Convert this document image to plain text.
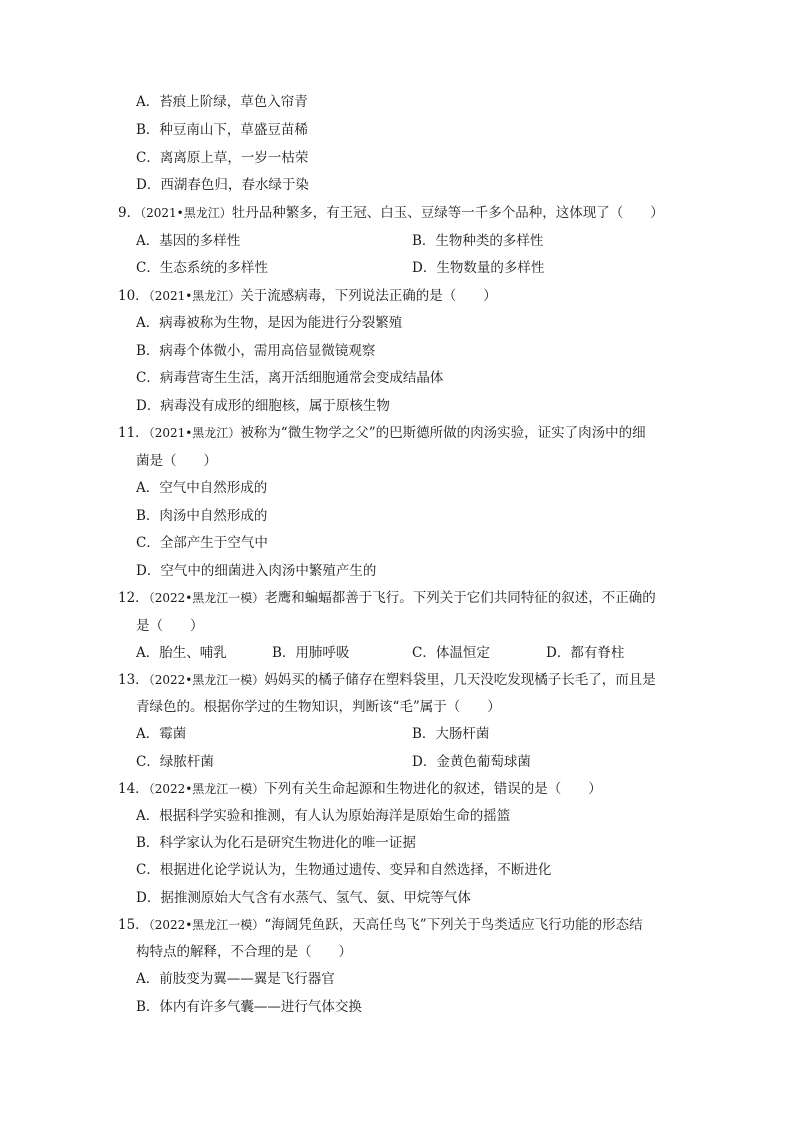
A．苔痕上阶绿，草色入帘青
B．种豆南山下，草盛豆苗稀
C．离离原上草，一岁一枯荣
D．西湖春色归，春水绿于染
9．（2021•黑龙江）牡丹品种繁多，有王冠、白玉、豆绿等一千多个品种，这体现了（　　）
A．基因的多样性	B．生物种类的多样性
C．生态系统的多样性	D．生物数量的多样性
10．（2021•黑龙江）关于流感病毒，下列说法正确的是（　　）
A．病毒被称为生物，是因为能进行分裂繁殖
B．病毒个体微小，需用高倍显微镜观察
C．病毒营寄生生活，离开活细胞通常会变成结晶体
D．病毒没有成形的细胞核，属于原核生物
11．（2021•黑龙江）被称为“微生物学之父”的巴斯德所做的肉汤实验，证实了肉汤中的细
菌是（　　）
A．空气中自然形成的
B．肉汤中自然形成的
C．全部产生于空气中
D．空气中的细菌进入肉汤中繁殖产生的
12．（2022•黑龙江一模）老鹰和蝙蝠都善于飞行。下列关于它们共同特征的叙述，不正确的
是（　　）
A．胎生、哺乳	B．用肺呼吸	C．体温恒定	D．都有脊柱
13．（2022•黑龙江一模）妈妈买的橘子储存在塑料袋里，几天没吃发现橘子长毛了，而且是
青绿色的。根据你学过的生物知识，判断该“毛”属于（　　）
A．霉菌	B．大肠杆菌
C．绿脓杆菌	D．金黄色葡萄球菌
14．（2022•黑龙江一模）下列有关生命起源和生物进化的叙述，错误的是（　　）
A．根据科学实验和推测，有人认为原始海洋是原始生命的摇篮
B．科学家认为化石是研究生物进化的唯一证据
C．根据进化论学说认为，生物通过遗传、变异和自然选择，不断进化
D．据推测原始大气含有水蒸气、氢气、氨、甲烷等气体
15．（2022•黑龙江一模）“海阔凭鱼跃，天高任鸟飞”下列关于鸟类适应飞行功能的形态结
构特点的解释，不合理的是（　　）
A．前肢变为翼——翼是飞行器官
B．体内有许多气囊——进行气体交换
